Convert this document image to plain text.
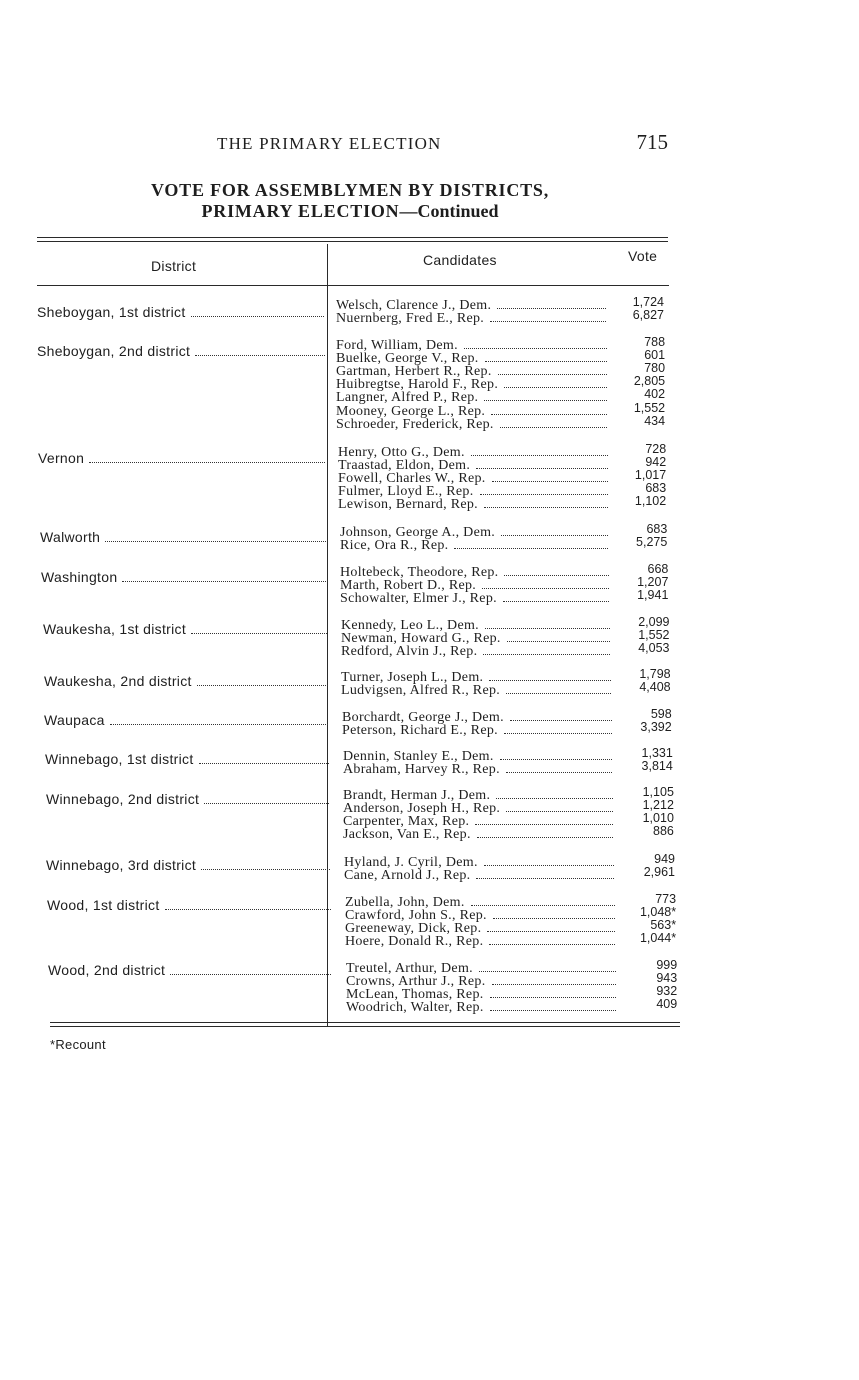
THE PRIMARY ELECTION	715
VOTE FOR ASSEMBLYMEN BY DISTRICTS,
PRIMARY ELECTION—Continued
District	Candidates	Vote
Sheboygan, 1st district	Welsch, Clarence J., Dem.	1,724
Nuernberg, Fred E., Rep.	6,827
Sheboygan, 2nd district	Ford, William, Dem.	788
Buelke, George V., Rep.	601
Gartman, Herbert R., Rep.	780
Huibregtse, Harold F., Rep.	2,805
Langner, Alfred P., Rep.	402
Mooney, George L., Rep.	1,552
Schroeder, Frederick, Rep.	434
Vernon	Henry, Otto G., Dem.	728
Traastad, Eldon, Dem.	942
Fowell, Charles W., Rep.	1,017
Fulmer, Lloyd E., Rep.	683
Lewison, Bernard, Rep.	1,102
Walworth	Johnson, George A., Dem.	683
Rice, Ora R., Rep.	5,275
Washington	Holtebeck, Theodore, Rep.	668
Marth, Robert D., Rep.	1,207
Schowalter, Elmer J., Rep.	1,941
Waukesha, 1st district	Kennedy, Leo L., Dem.	2,099
Newman, Howard G., Rep.	1,552
Redford, Alvin J., Rep.	4,053
Waukesha, 2nd district	Turner, Joseph L., Dem.	1,798
Ludvigsen, Alfred R., Rep.	4,408
Waupaca	Borchardt, George J., Dem.	598
Peterson, Richard E., Rep.	3,392
Winnebago, 1st district	Dennin, Stanley E., Dem.	1,331
Abraham, Harvey R., Rep.	3,814
Winnebago, 2nd district	Brandt, Herman J., Dem.	1,105
Anderson, Joseph H., Rep.	1,212
Carpenter, Max, Rep.	1,010
Jackson, Van E., Rep.	886
Winnebago, 3rd district	Hyland, J. Cyril, Dem.	949
Cane, Arnold J., Rep.	2,961
Wood, 1st district	Zubella, John, Dem.	773
Crawford, John S., Rep.	1,048*
Greeneway, Dick, Rep.	563*
Hoere, Donald R., Rep.	1,044*
Wood, 2nd district	Treutel, Arthur, Dem.	999
Crowns, Arthur J., Rep.	943
McLean, Thomas, Rep.	932
Woodrich, Walter, Rep.	409
*Recount
